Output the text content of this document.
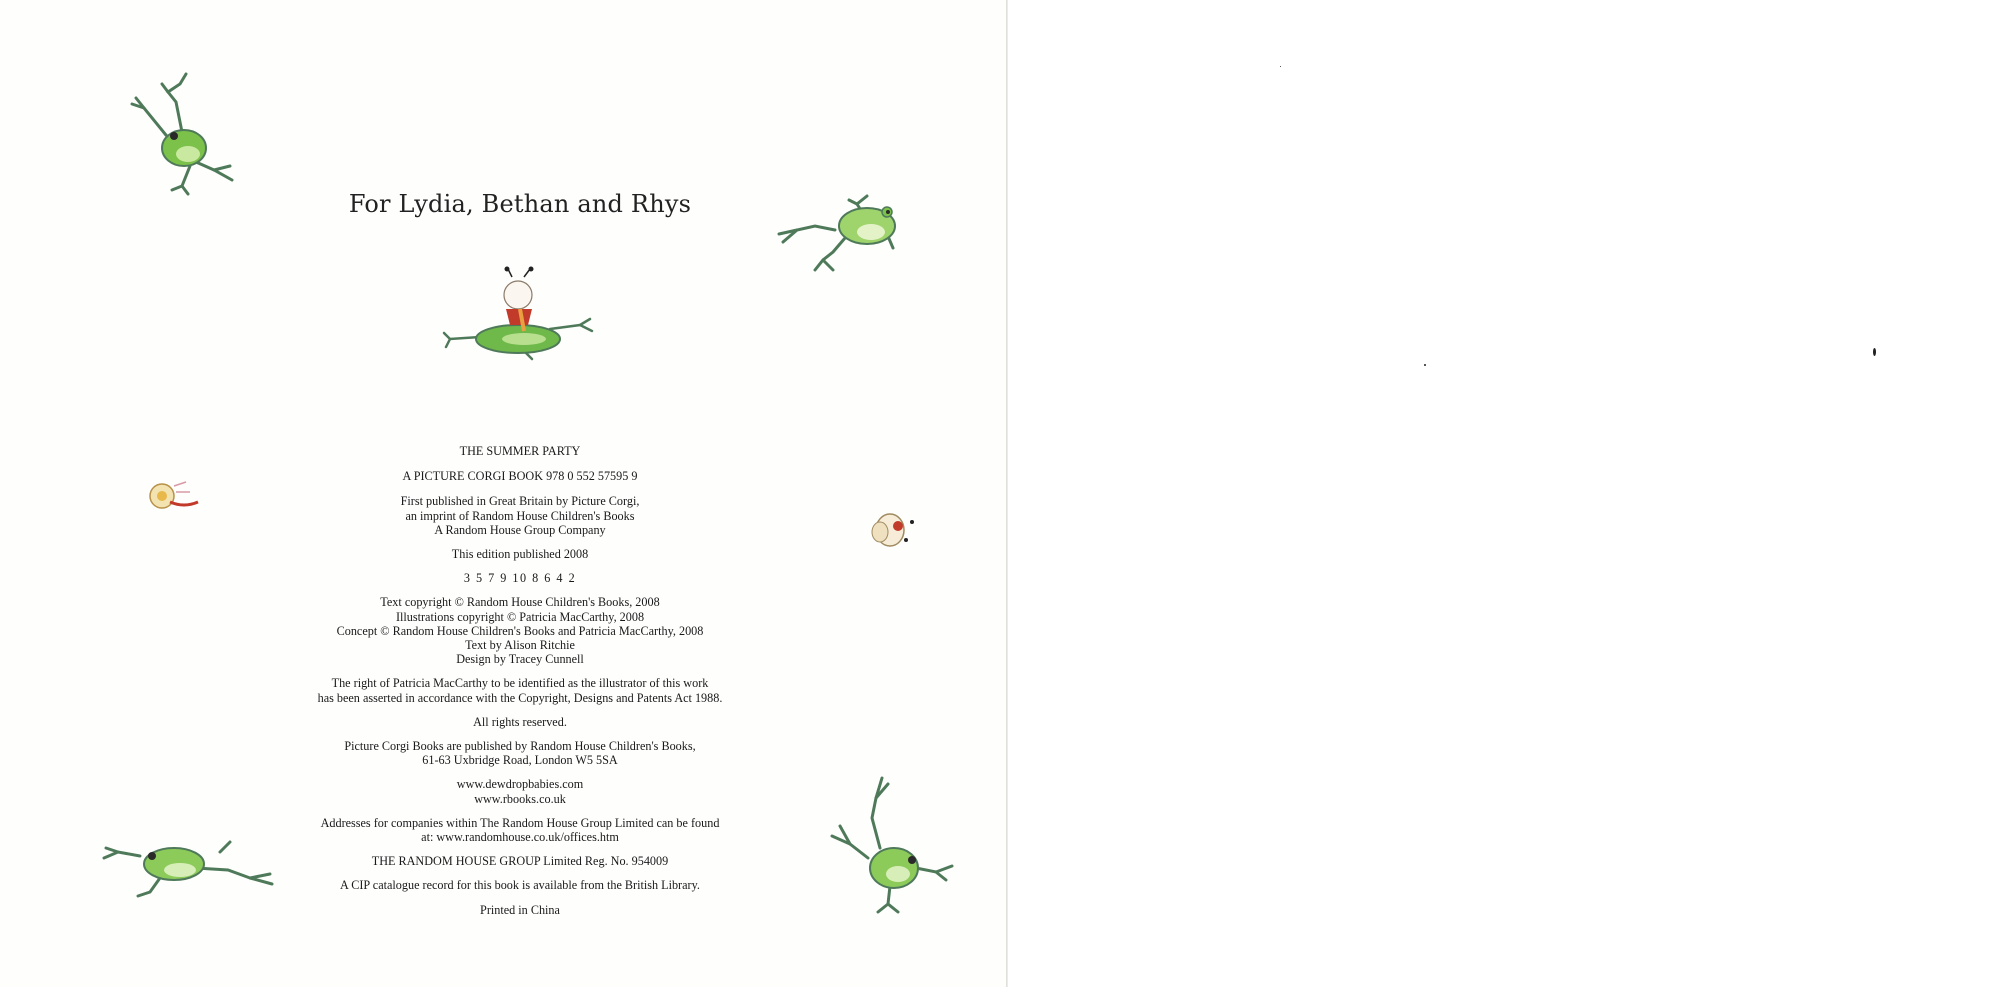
For Lydia, Bethan and Rhys
THE SUMMER PARTY
A PICTURE CORGI BOOK 978 0 552 57595 9
First published in Great Britain by Picture Corgi,
an imprint of Random House Children's Books
A Random House Group Company
This edition published 2008
3 5 7 9 10 8 6 4 2
Text copyright © Random House Children's Books, 2008
Illustrations copyright © Patricia MacCarthy, 2008
Concept © Random House Children's Books and Patricia MacCarthy, 2008
Text by Alison Ritchie
Design by Tracey Cunnell
The right of Patricia MacCarthy to be identified as the illustrator of this work
has been asserted in accordance with the Copyright, Designs and Patents Act 1988.
All rights reserved.
Picture Corgi Books are published by Random House Children's Books,
61-63 Uxbridge Road, London W5 5SA
www.dewdropbabies.com
www.rbooks.co.uk
Addresses for companies within The Random House Group Limited can be found
at: www.randomhouse.co.uk/offices.htm
THE RANDOM HOUSE GROUP Limited Reg. No. 954009
A CIP catalogue record for this book is available from the British Library.
Printed in China
